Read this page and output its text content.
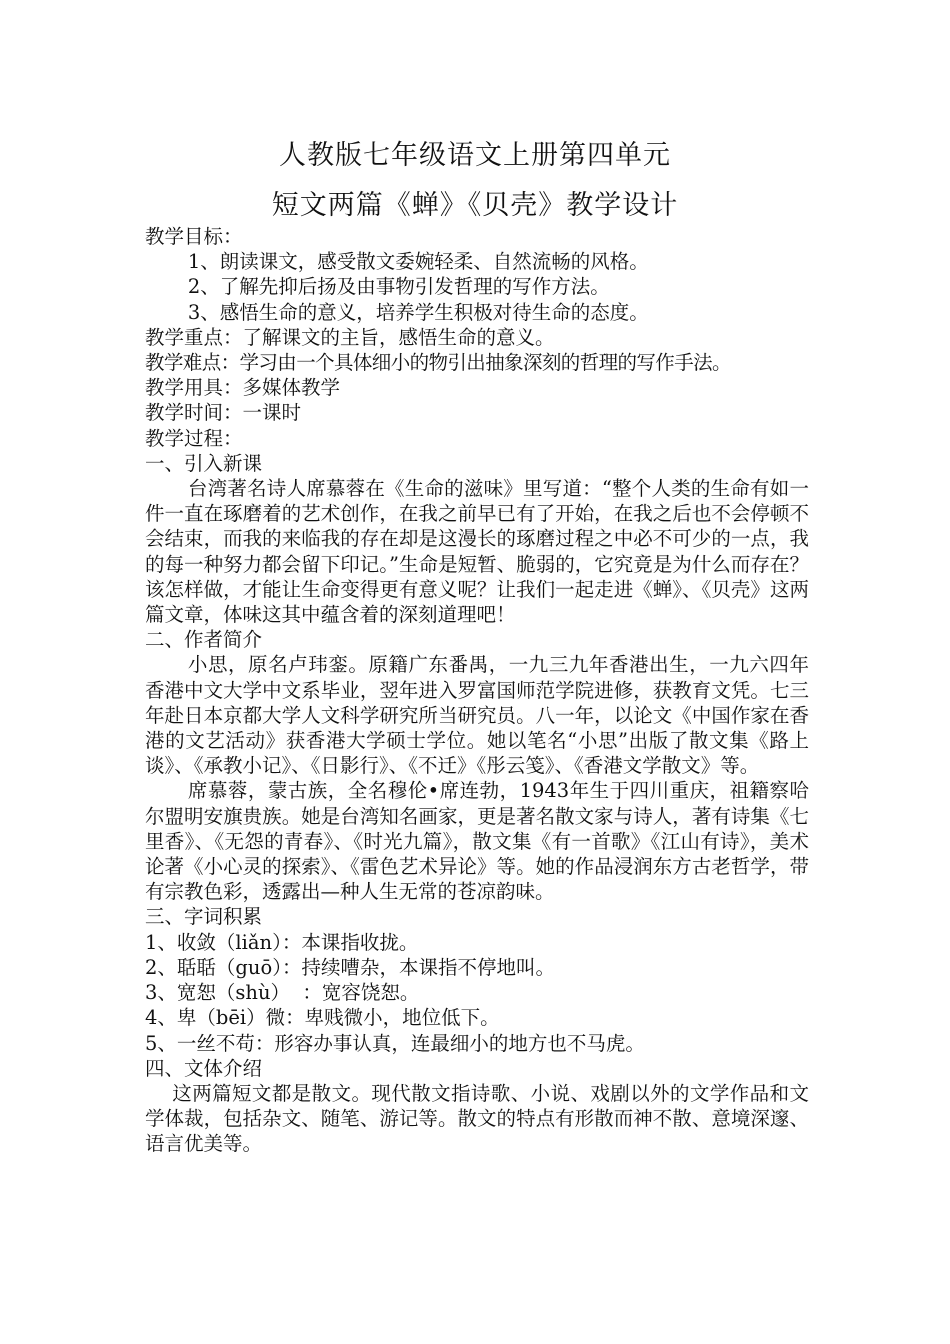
人教版七年级语文上册第四单元
短文两篇《蝉》《贝壳》教学设计

教学目标：

1、朗读课文，感受散文委婉轻柔、自然流畅的风格。

2、了解先抑后扬及由事物引发哲理的写作方法。

3、感悟生命的意义，培养学生积极对待生命的态度。

教学重点：了解课文的主旨，感悟生命的意义。

教学难点：学习由一个具体细小的物引出抽象深刻的哲理的写作手法。

教学用具：多媒体教学

教学时间：一课时

教学过程：

一、引入新课

台湾著名诗人席慕蓉在《生命的滋味》里写道：“整个人类的生命有如一件一直在琢磨着的艺术创作，在我之前早已有了开始，在我之后也不会停顿不会结束，而我的来临我的存在却是这漫长的琢磨过程之中必不可少的一点，我的每一种努力都会留下印记。”生命是短暂、脆弱的，它究竟是为什么而存在？该怎样做，才能让生命变得更有意义呢？让我们一起走进《蝉》、《贝壳》这两篇文章，体味这其中蕴含着的深刻道理吧！

二、作者简介

小思，原名卢玮銮。原籍广东番禺，一九三九年香港出生，一九六四年香港中文大学中文系毕业，翌年进入罗富国师范学院进修，获教育文凭。七三年赴日本京都大学人文科学研究所当研究员。八一年，以论文《中国作家在香港的文艺活动》获香港大学硕士学位。她以笔名“小思”出版了散文集《路上谈》、《承教小记》、《日影行》、《不迁》《彤云笺》、《香港文学散文》等。

席慕蓉，蒙古族，全名穆伦•席连勃，1943年生于四川重庆，祖籍察哈尔盟明安旗贵族。她是台湾知名画家，更是著名散文家与诗人，著有诗集《七里香》、《无怨的青春》、《时光九篇》，散文集《有一首歌》《江山有诗》，美术论著《小心灵的探索》、《雷色艺术异论》等。她的作品浸润东方古老哲学，带有宗教色彩，透露出—种人生无常的苍凉韵味。

三、字词积累

1、收敛（liǎn）：本课指收拢。

2、聒聒（guō）：持续嘈杂，本课指不停地叫。

3、宽恕（shù）  ：宽容饶恕。

4、卑（bēi）微：卑贱微小，地位低下。

5、一丝不苟：形容办事认真，连最细小的地方也不马虎。

四、文体介绍

这两篇短文都是散文。现代散文指诗歌、小说、戏剧以外的文学作品和文学体裁，包括杂文、随笔、游记等。散文的特点有形散而神不散、意境深邃、语言优美等。
